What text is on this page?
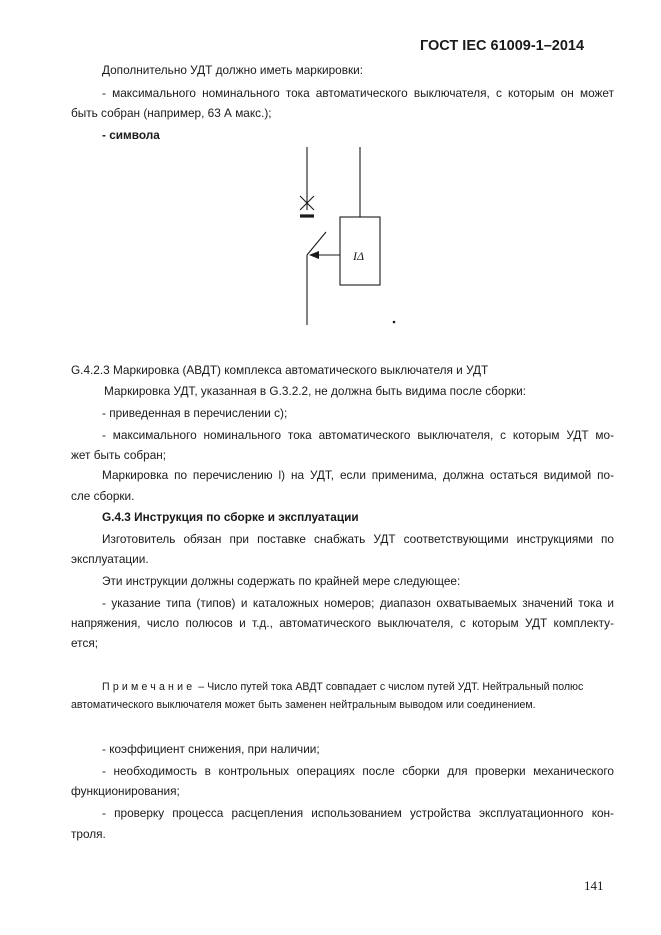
ГОСТ IEC 61009-1–2014
Дополнительно УДТ должно иметь маркировки:
- максимального номинального тока автоматического выключателя, с которым он может
быть собран (например, 63 А макс.);
- символа
IΔ
G.4.2.3 Маркировка (АВДТ) комплекса автоматического выключателя и УДТ
Маркировка УДТ, указанная в G.3.2.2, не должна быть видима после сборки:
- приведенная в перечислении с);
- максимального номинального тока автоматического выключателя, с которым УДТ мо-
жет быть собран;
Маркировка по перечислению l) на УДТ, если применима, должна остаться видимой по-
сле сборки.
G.4.3 Инструкция по сборке и эксплуатации
Изготовитель обязан при поставке снабжать УДТ соответствующими инструкциями по
эксплуатации.
Эти инструкции должны содержать по крайней мере следующее:
- указание типа (типов) и каталожных номеров; диапазон охватываемых значений тока и
напряжения, число полюсов и т.д., автоматического выключателя, с которым УДТ комплекту-
ется;
Примечание – Число путей тока АВДТ совпадает с числом путей УДТ. Нейтральный полюс
автоматического выключателя может быть заменен нейтральным выводом или соединением.
- коэффициент снижения, при наличии;
- необходимость в контрольных операциях после сборки для проверки механического
функционирования;
- проверку процесса расцепления использованием устройства эксплуатационного кон-
троля.
141
